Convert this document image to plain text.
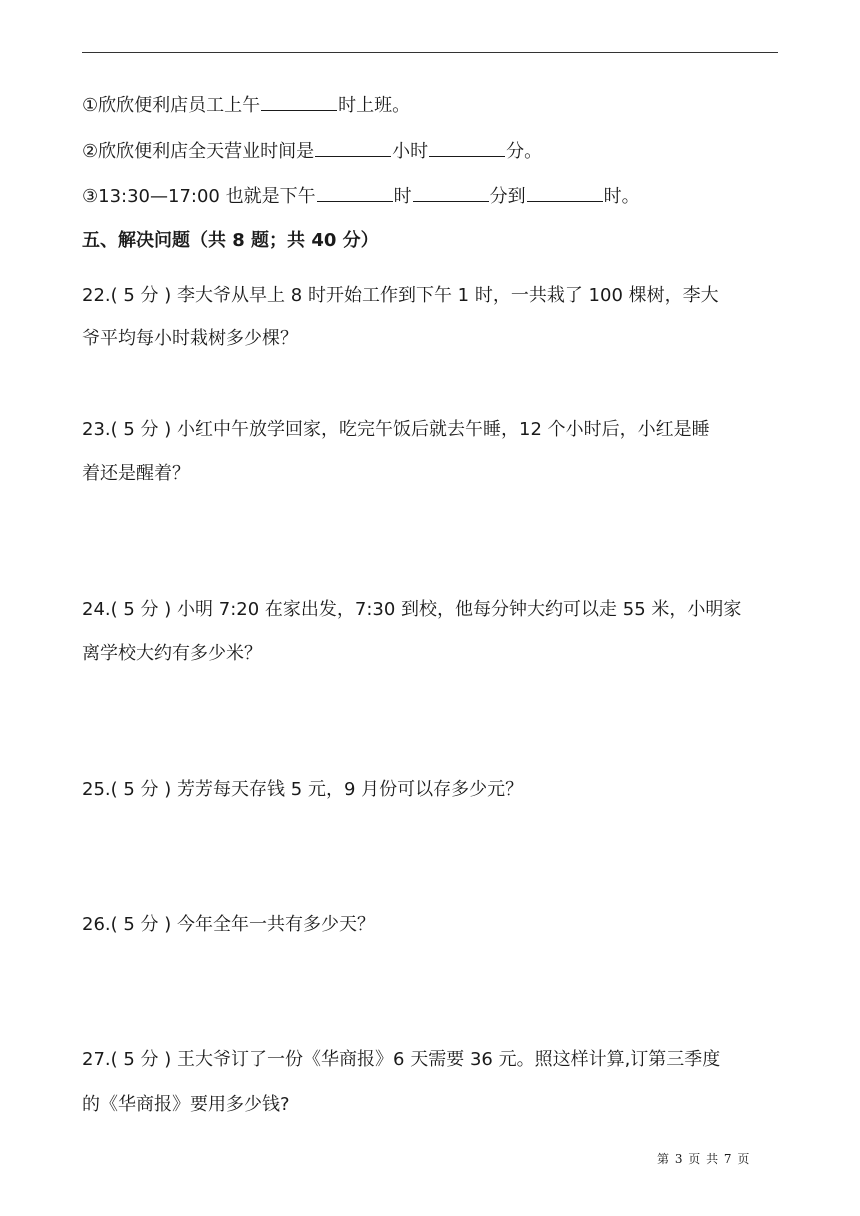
①欣欣便利店员工上午	时上班。
②欣欣便利店全天营业时间是	小时	分。
③13:30—17:00 也就是下午	时	分到	时。
五、解决问题（共 8 题；共 40 分）
22.( 5 分 ) 李大爷从早上 8 时开始工作到下午 1 时，一共栽了 100 棵树，李大
爷平均每小时栽树多少棵？
23.( 5 分 ) 小红中午放学回家，吃完午饭后就去午睡，12 个小时后，小红是睡
着还是醒着？
24.( 5 分 ) 小明 7:20 在家出发，7:30 到校，他每分钟大约可以走 55 米，小明家
离学校大约有多少米？
25.( 5 分 ) 芳芳每天存钱 5 元，9 月份可以存多少元？
26.( 5 分 ) 今年全年一共有多少天？
27.( 5 分 ) 王大爷订了一份《华商报》6 天需要 36 元。照这样计算,订第三季度
的《华商报》要用多少钱?
第 3 页 共 7 页
